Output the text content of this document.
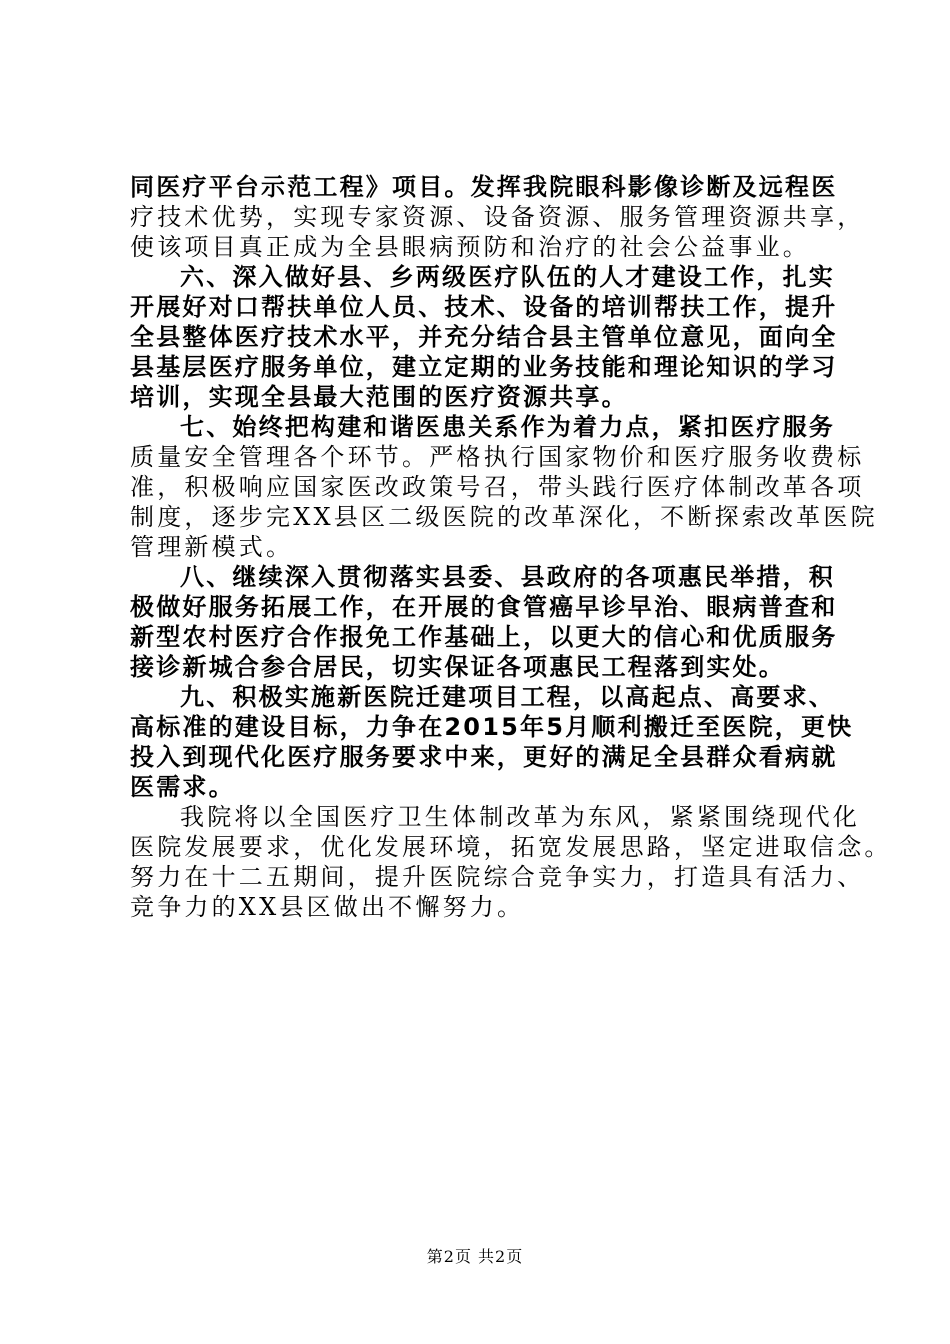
同医疗平台示范工程》项目。发挥我院眼科影像诊断及远程医
疗技术优势，实现专家资源、设备资源、服务管理资源共享，
使该项目真正成为全县眼病预防和治疗的社会公益事业。
六、深入做好县、乡两级医疗队伍的人才建设工作，扎实
开展好对口帮扶单位人员、技术、设备的培训帮扶工作，提升
全县整体医疗技术水平，并充分结合县主管单位意见，面向全
县基层医疗服务单位，建立定期的业务技能和理论知识的学习
培训，实现全县最大范围的医疗资源共享。
七、始终把构建和谐医患关系作为着力点，紧扣医疗服务
质量安全管理各个环节。严格执行国家物价和医疗服务收费标
准，积极响应国家医改政策号召，带头践行医疗体制改革各项
制度，逐步完XX县区二级医院的改革深化，不断探索改革医院
管理新模式。
八、继续深入贯彻落实县委、县政府的各项惠民举措，积
极做好服务拓展工作，在开展的食管癌早诊早治、眼病普查和
新型农村医疗合作报免工作基础上，以更大的信心和优质服务
接诊新城合参合居民，切实保证各项惠民工程落到实处。
九、积极实施新医院迁建项目工程，以高起点、高要求、
高标准的建设目标，力争在2015年5月顺利搬迁至医院，更快
投入到现代化医疗服务要求中来，更好的满足全县群众看病就
医需求。
我院将以全国医疗卫生体制改革为东风，紧紧围绕现代化
医院发展要求，优化发展环境，拓宽发展思路，坚定进取信念。
努力在十二五期间，提升医院综合竞争实力，打造具有活力、
竞争力的XX县区做出不懈努力。
第2页 共2页
